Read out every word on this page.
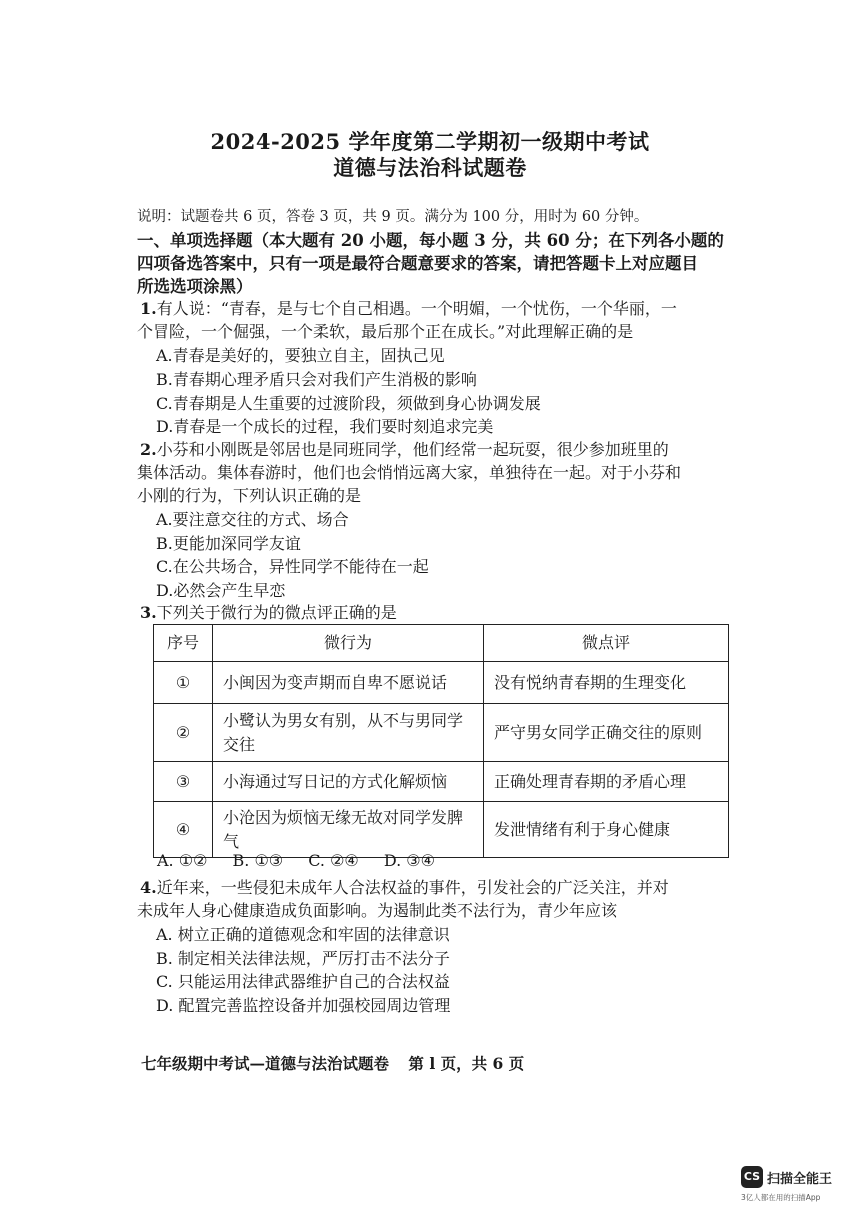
2024-2025 学年度第二学期初一级期中考试
道德与法治科试题卷
说明：试题卷共 6 页，答卷 3 页，共 9 页。满分为 100 分，用时为 60 分钟。
一、单项选择题（本大题有 20 小题，每小题 3 分，共 60 分；在下列各小题的
四项备选答案中，只有一项是最符合题意要求的答案，请把答题卡上对应题目
所选选项涂黑）
1.有人说：“青春，是与七个自己相遇。一个明媚，一个忧伤，一个华丽，一
个冒险，一个倔强，一个柔软，最后那个正在成长。”对此理解正确的是
A.青春是美好的，要独立自主，固执己见
B.青春期心理矛盾只会对我们产生消极的影响
C.青春期是人生重要的过渡阶段，须做到身心协调发展
D.青春是一个成长的过程，我们要时刻追求完美
2.小芬和小刚既是邻居也是同班同学，他们经常一起玩耍，很少参加班里的
集体活动。集体春游时，他们也会悄悄远离大家，单独待在一起。对于小芬和
小刚的行为，下列认识正确的是
A.要注意交往的方式、场合
B.更能加深同学友谊
C.在公共场合，异性同学不能待在一起
D.必然会产生早恋
3.下列关于微行为的微点评正确的是
序号	微行为	微点评
①	小闽因为变声期而自卑不愿说话	没有悦纳青春期的生理变化
②	小鹭认为男女有别，从不与男同学交往	严守男女同学正确交往的原则
③	小海通过写日记的方式化解烦恼	正确处理青春期的矛盾心理
④	小沧因为烦恼无缘无故对同学发脾气	发泄情绪有利于身心健康
A. ①② B. ①③ C. ②④ D. ③④
4.近年来，一些侵犯未成年人合法权益的事件，引发社会的广泛关注，并对
未成年人身心健康造成负面影响。为遏制此类不法行为，青少年应该
A. 树立正确的道德观念和牢固的法律意识
B. 制定相关法律法规，严厉打击不法分子
C. 只能运用法律武器维护自己的合法权益
D. 配置完善监控设备并加强校园周边管理
七年级期中考试—道德与法治试题卷 第 l 页，共 6 页
CS 扫描全能王
3亿人都在用的扫描App
